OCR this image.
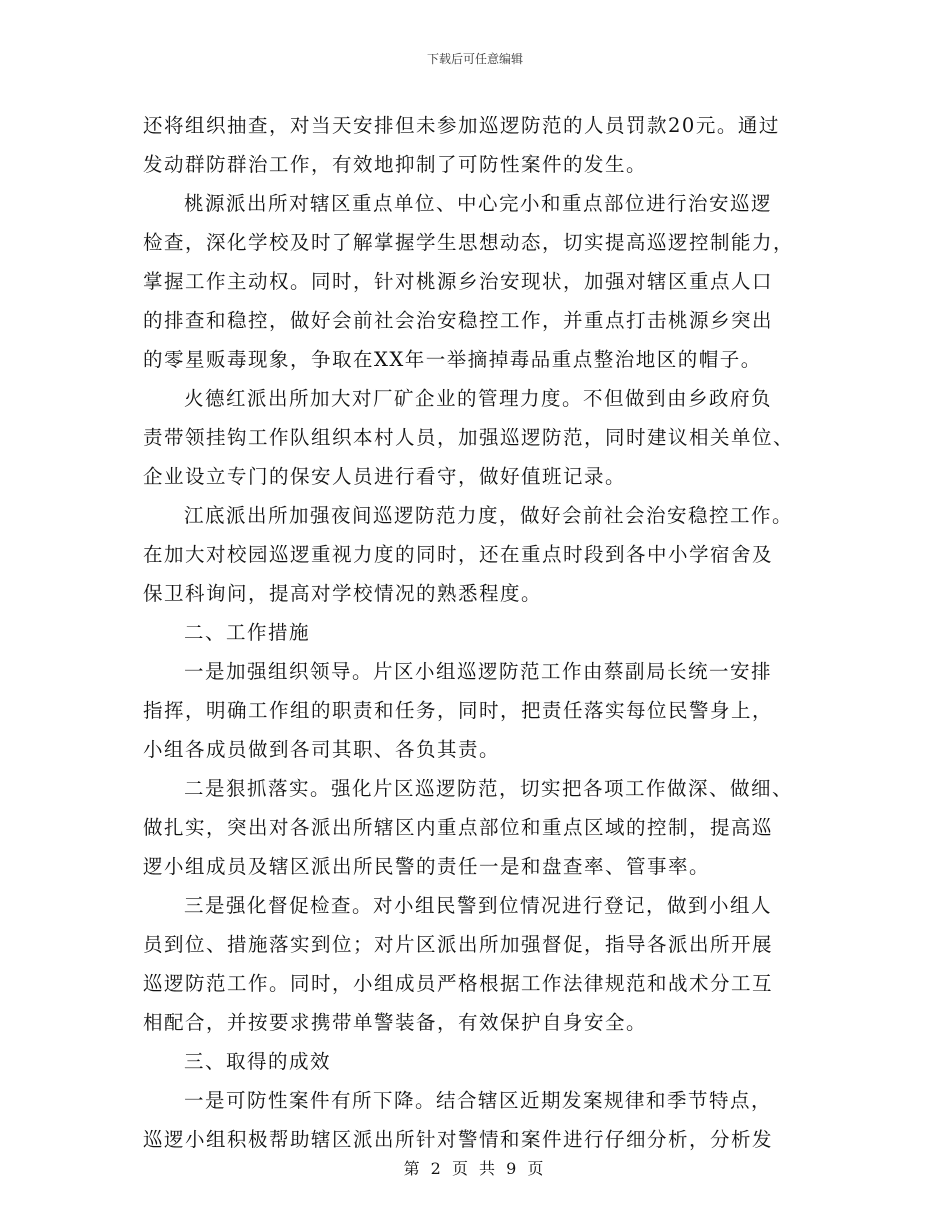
下载后可任意编辑
还将组织抽查，对当天安排但未参加巡逻防范的人员罚款20元。通过
发动群防群治工作，有效地抑制了可防性案件的发生。
桃源派出所对辖区重点单位、中心完小和重点部位进行治安巡逻
检查，深化学校及时了解掌握学生思想动态，切实提高巡逻控制能力，
掌握工作主动权。同时，针对桃源乡治安现状，加强对辖区重点人口
的排查和稳控，做好会前社会治安稳控工作，并重点打击桃源乡突出
的零星贩毒现象，争取在XX年一举摘掉毒品重点整治地区的帽子。
火德红派出所加大对厂矿企业的管理力度。不但做到由乡政府负
责带领挂钩工作队组织本村人员，加强巡逻防范，同时建议相关单位、
企业设立专门的保安人员进行看守，做好值班记录。
江底派出所加强夜间巡逻防范力度，做好会前社会治安稳控工作。
在加大对校园巡逻重视力度的同时，还在重点时段到各中小学宿舍及
保卫科询问，提高对学校情况的熟悉程度。
二、工作措施
一是加强组织领导。片区小组巡逻防范工作由蔡副局长统一安排
指挥，明确工作组的职责和任务，同时，把责任落实每位民警身上，
小组各成员做到各司其职、各负其责。
二是狠抓落实。强化片区巡逻防范，切实把各项工作做深、做细、
做扎实，突出对各派出所辖区内重点部位和重点区域的控制，提高巡
逻小组成员及辖区派出所民警的责任一是和盘查率、管事率。
三是强化督促检查。对小组民警到位情况进行登记，做到小组人
员到位、措施落实到位；对片区派出所加强督促，指导各派出所开展
巡逻防范工作。同时，小组成员严格根据工作法律规范和战术分工互
相配合，并按要求携带单警装备，有效保护自身安全。
三、取得的成效
一是可防性案件有所下降。结合辖区近期发案规律和季节特点，
巡逻小组积极帮助辖区派出所针对警情和案件进行仔细分析，分析发
第 2 页 共 9 页
